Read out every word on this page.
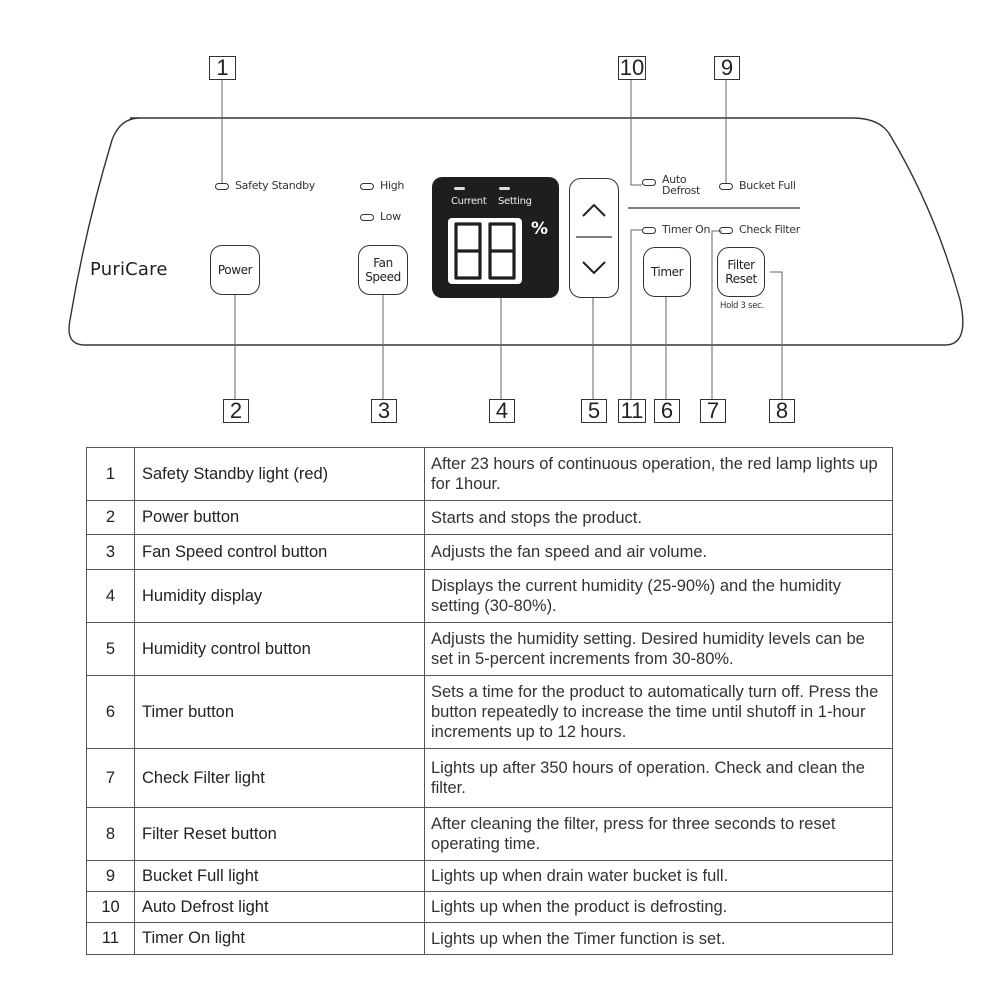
1
2	3	4	5	6	7	8
9
10
11
PuriCare
Safety Standby	High
Low
Auto
Defrost	Bucket Full
Timer On	Check Filter
Power	Fan
Speed	Timer	Filter
Reset
Hold 3 sec.
Current Setting
%
1	Safety Standby light (red)	After 23 hours of continuous operation, the red lamp lights up for 1hour.
2	Power button	Starts and stops the product.
3	Fan Speed control button	Adjusts the fan speed and air volume.
4	Humidity display	Displays the current humidity (25-90%) and the humidity setting (30-80%).
5	Humidity control button	Adjusts the humidity setting. Desired humidity levels can be set in 5-percent increments from 30-80%.
6	Timer button	Sets a time for the product to automatically turn off. Press the button repeatedly to increase the time until shutoff in 1-hour increments up to 12 hours.
7	Check Filter light	Lights up after 350 hours of operation. Check and clean the filter.
8	Filter Reset button	After cleaning the filter, press for three seconds to reset operating time.
9	Bucket Full light	Lights up when drain water bucket is full.
10	Auto Defrost light	Lights up when the product is defrosting.
11	Timer On light	Lights up when the Timer function is set.
